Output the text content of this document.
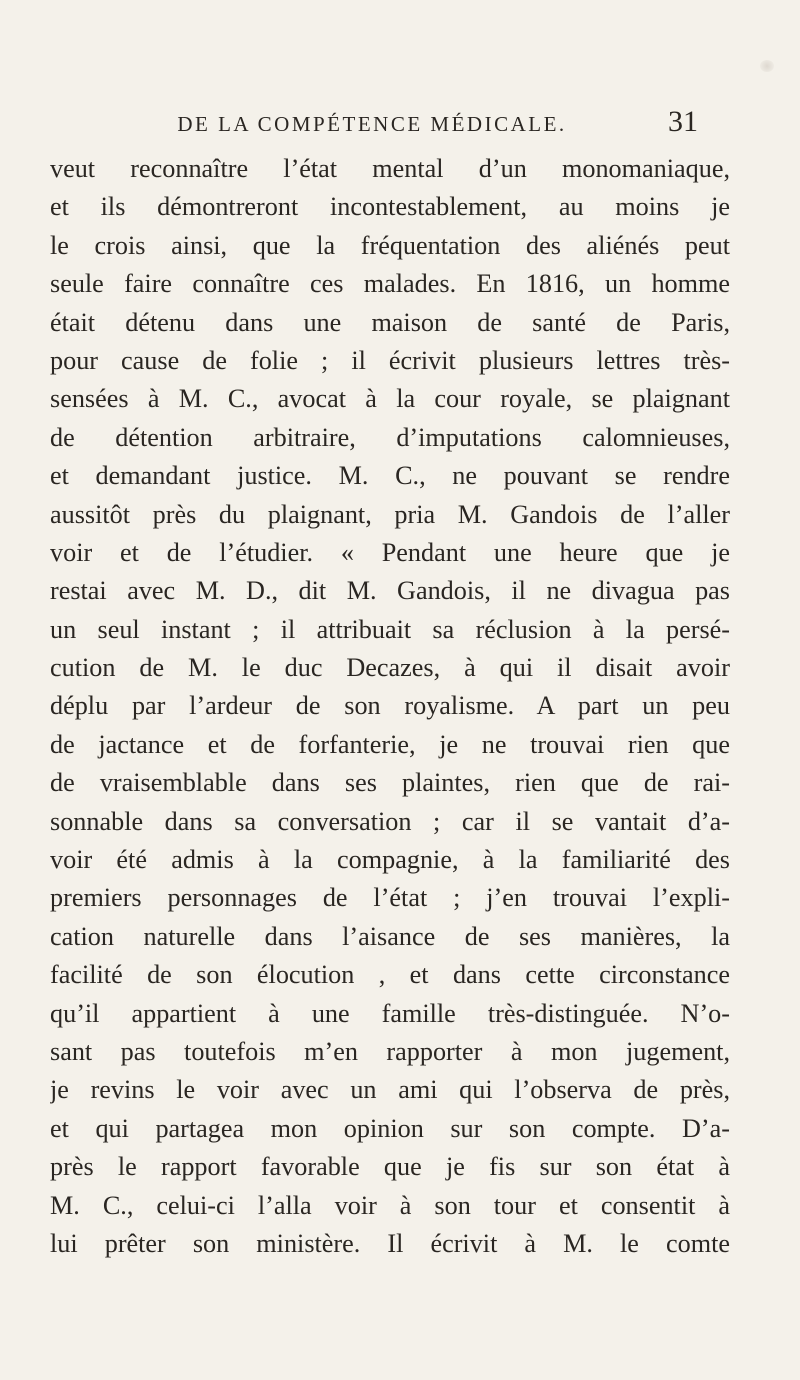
DE LA COMPÉTENCE MÉDICALE.	31
veut reconnaître l’état mental d’un monomaniaque,
et ils démontreront incontestablement, au moins je
le crois ainsi, que la fréquentation des aliénés peut
seule faire connaître ces malades. En 1816, un homme
était détenu dans une maison de santé de Paris,
pour cause de folie ; il écrivit plusieurs lettres très-
sensées à M. C., avocat à la cour royale, se plaignant
de détention arbitraire, d’imputations calomnieuses,
et demandant justice. M. C., ne pouvant se rendre
aussitôt près du plaignant, pria M. Gandois de l’aller
voir et de l’étudier. « Pendant une heure que je
restai avec M. D., dit M. Gandois, il ne divagua pas
un seul instant ; il attribuait sa réclusion à la persé-
cution de M. le duc Decazes, à qui il disait avoir
déplu par l’ardeur de son royalisme. A part un peu
de jactance et de forfanterie, je ne trouvai rien que
de vraisemblable dans ses plaintes, rien que de rai-
sonnable dans sa conversation ; car il se vantait d’a-
voir été admis à la compagnie, à la familiarité des
premiers personnages de l’état ; j’en trouvai l’expli-
cation naturelle dans l’aisance de ses manières, la
facilité de son élocution , et dans cette circonstance
qu’il appartient à une famille très-distinguée. N’o-
sant pas toutefois m’en rapporter à mon jugement,
je revins le voir avec un ami qui l’observa de près,
et qui partagea mon opinion sur son compte. D’a-
près le rapport favorable que je fis sur son état à
M. C., celui-ci l’alla voir à son tour et consentit à
lui prêter son ministère. Il écrivit à M. le comte
